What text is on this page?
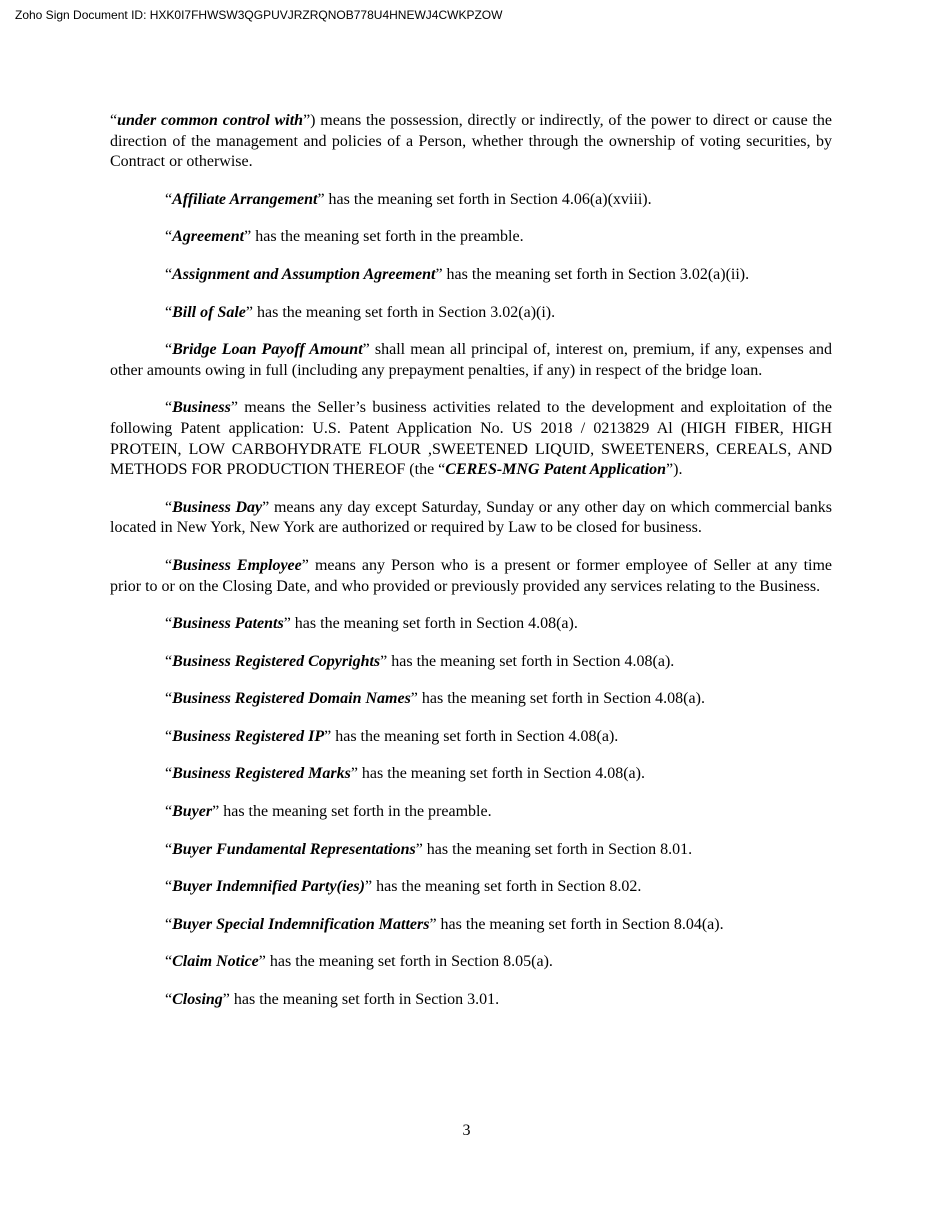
Zoho Sign Document ID: HXK0I7FHWSW3QGPUVJRZRQNOB778U4HNEWJ4CWKPZOW

“under common control with”) means the possession, directly or indirectly, of the power to direct or cause the direction of the management and policies of a Person, whether through the ownership of voting securities, by Contract or otherwise.

“Affiliate Arrangement” has the meaning set forth in Section 4.06(a)(xviii).

“Agreement” has the meaning set forth in the preamble.

“Assignment and Assumption Agreement” has the meaning set forth in Section 3.02(a)(ii).

“Bill of Sale” has the meaning set forth in Section 3.02(a)(i).

“Bridge Loan Payoff Amount” shall mean all principal of, interest on, premium, if any, expenses and other amounts owing in full (including any prepayment penalties, if any) in respect of the bridge loan.

“Business” means the Seller’s business activities related to the development and exploitation of the following Patent application: U.S. Patent Application No. US 2018 / 0213829 Al (HIGH FIBER, HIGH PROTEIN, LOW CARBOHYDRATE FLOUR ,SWEETENED LIQUID, SWEETENERS, CEREALS, AND METHODS FOR PRODUCTION THEREOF (the “CERES-MNG Patent Application”).

“Business Day” means any day except Saturday, Sunday or any other day on which commercial banks located in New York, New York are authorized or required by Law to be closed for business.

“Business Employee” means any Person who is a present or former employee of Seller at any time prior to or on the Closing Date, and who provided or previously provided any services relating to the Business.

“Business Patents” has the meaning set forth in Section 4.08(a).

“Business Registered Copyrights” has the meaning set forth in Section 4.08(a).

“Business Registered Domain Names” has the meaning set forth in Section 4.08(a).

“Business Registered IP” has the meaning set forth in Section 4.08(a).

“Business Registered Marks” has the meaning set forth in Section 4.08(a).

“Buyer” has the meaning set forth in the preamble.

“Buyer Fundamental Representations” has the meaning set forth in Section 8.01.

“Buyer Indemnified Party(ies)” has the meaning set forth in Section 8.02.

“Buyer Special Indemnification Matters” has the meaning set forth in Section 8.04(a).

“Claim Notice” has the meaning set forth in Section 8.05(a).

“Closing” has the meaning set forth in Section 3.01.

3
